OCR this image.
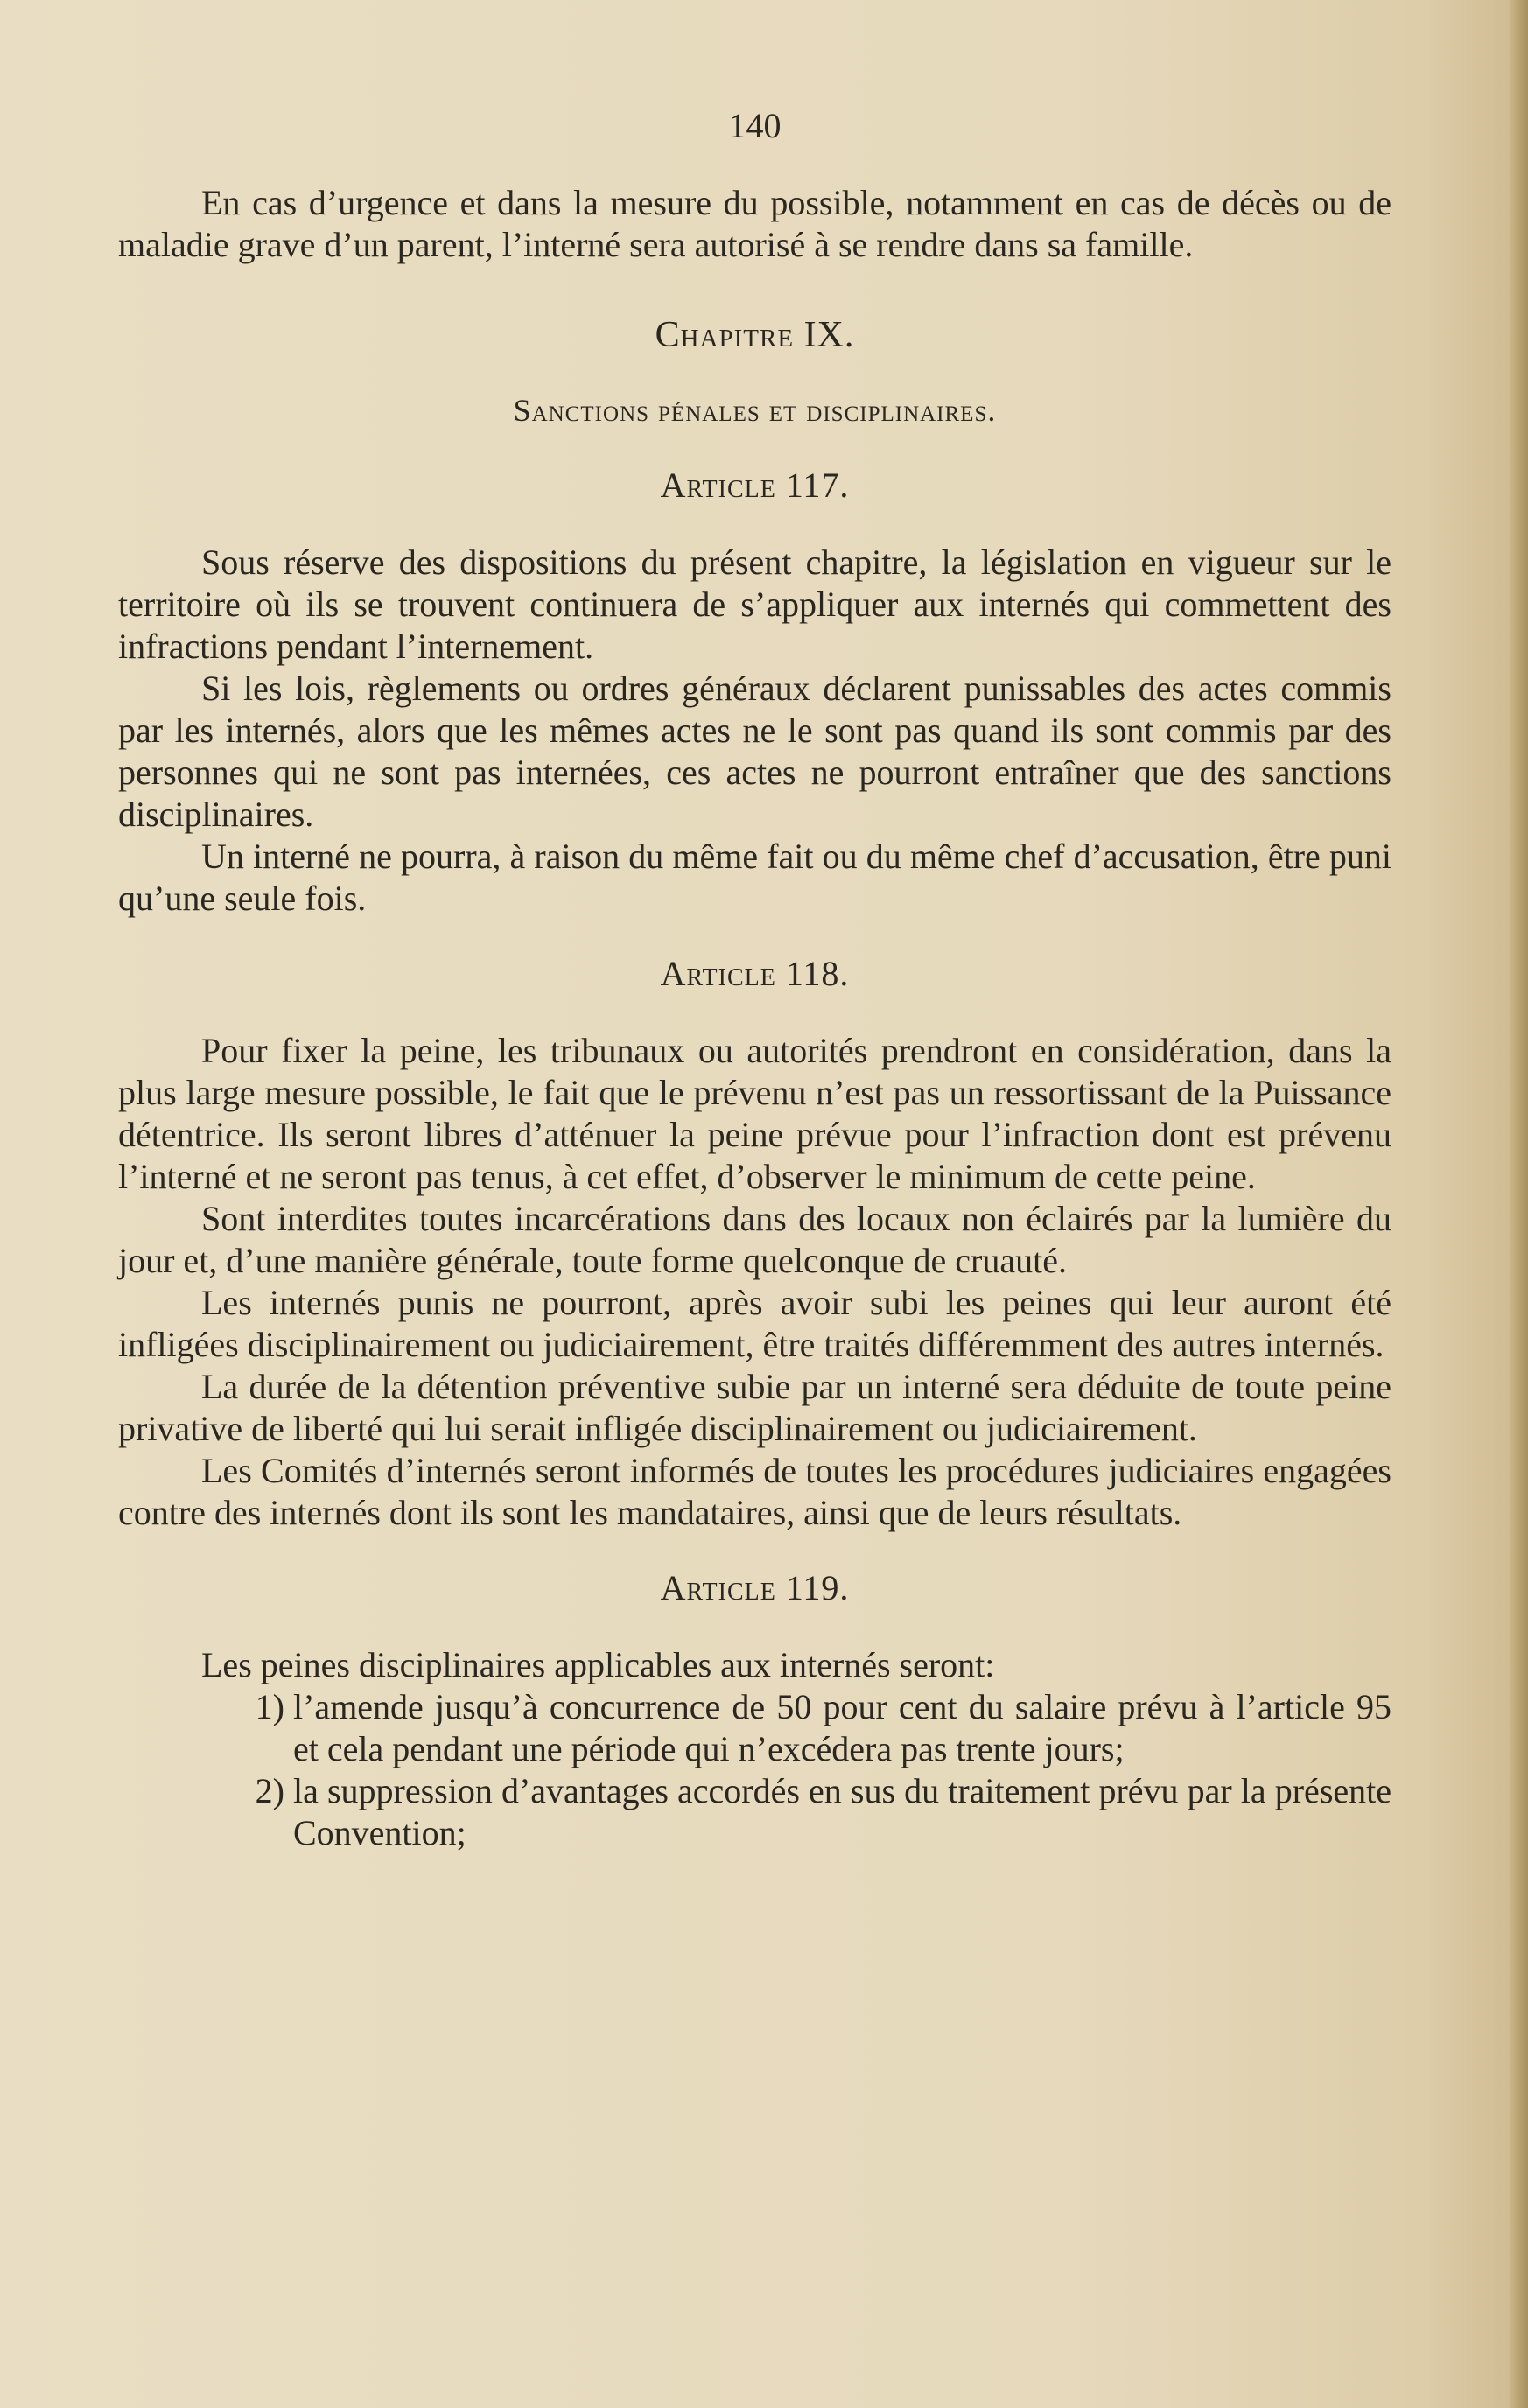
140

En cas d’urgence et dans la mesure du possible, notamment en cas de décès ou de maladie grave d’un parent, l’interné sera autorisé à se rendre dans sa famille.

Chapitre IX.
Sanctions pénales et disciplinaires.
Article 117.

Sous réserve des dispositions du présent chapitre, la législation en vigueur sur le territoire où ils se trouvent continuera de s’appliquer aux internés qui commettent des infractions pendant l’internement.

Si les lois, règlements ou ordres généraux déclarent punissables des actes commis par les internés, alors que les mêmes actes ne le sont pas quand ils sont commis par des personnes qui ne sont pas internées, ces actes ne pourront entraîner que des sanctions disciplinaires.

Un interné ne pourra, à raison du même fait ou du même chef d’accusation, être puni qu’une seule fois.

Article 118.

Pour fixer la peine, les tribunaux ou autorités prendront en considération, dans la plus large mesure possible, le fait que le prévenu n’est pas un ressortissant de la Puissance détentrice. Ils seront libres d’atténuer la peine prévue pour l’infraction dont est prévenu l’interné et ne seront pas tenus, à cet effet, d’observer le minimum de cette peine.

Sont interdites toutes incarcérations dans des locaux non éclairés par la lumière du jour et, d’une manière générale, toute forme quelconque de cruauté.

Les internés punis ne pourront, après avoir subi les peines qui leur auront été infligées disciplinairement ou judiciairement, être traités différemment des autres internés.

La durée de la détention préventive subie par un interné sera déduite de toute peine privative de liberté qui lui serait infligée disciplinairement ou judiciairement.

Les Comités d’internés seront informés de toutes les procédures judiciaires engagées contre des internés dont ils sont les mandataires, ainsi que de leurs résultats.

Article 119.

Les peines disciplinaires applicables aux internés seront:

1) l’amende jusqu’à concurrence de 50 pour cent du salaire prévu à l’article 95 et cela pendant une période qui n’excédera pas trente jours;
2) la suppression d’avantages accordés en sus du traitement prévu par la présente Convention;
